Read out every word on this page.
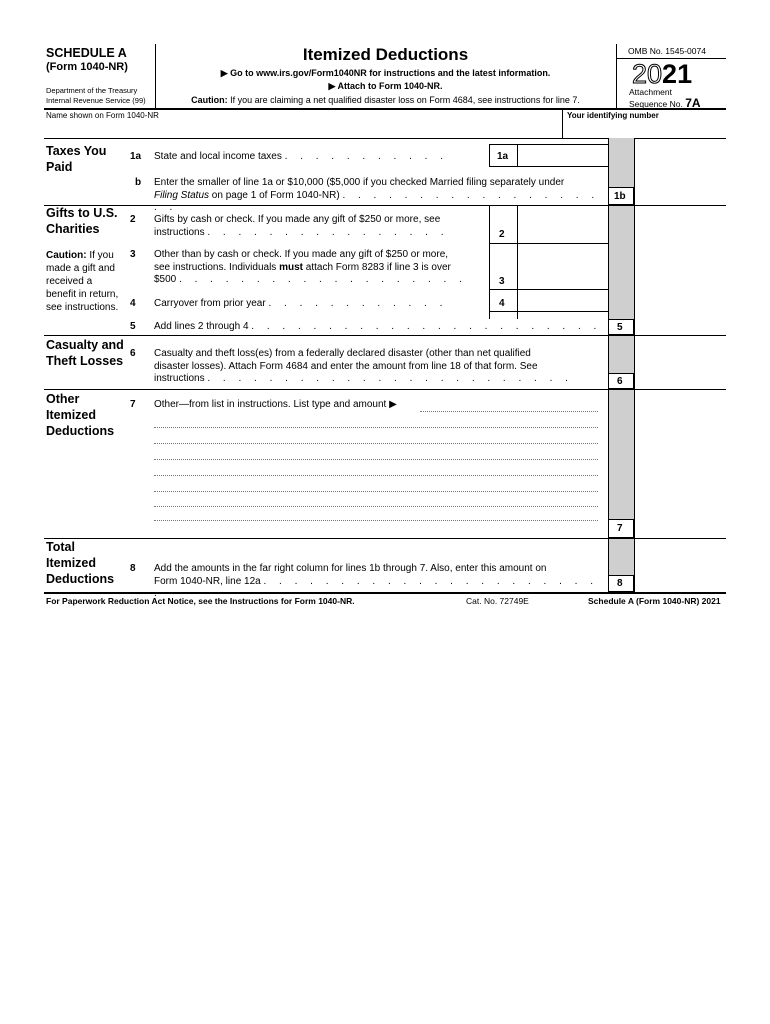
SCHEDULE A
(Form 1040-NR)
Department of the Treasury
Internal Revenue Service (99)
Itemized Deductions
▶ Go to www.irs.gov/Form1040NR for instructions and the latest information.
▶ Attach to Form 1040-NR.
Caution: If you are claiming a net qualified disaster loss on Form 4684, see instructions for line 7.
OMB No. 1545-0074
2021
Attachment
Sequence No. 7A
Name shown on Form 1040-NR	Your identifying number
Taxes You Paid
1a State and local income taxes . . . . . . . . . . .	1a
b Enter the smaller of line 1a or $10,000 ($5,000 if you checked Married filing separately under
Filing Status on page 1 of Form 1040-NR) . . . . . . . . . . . . . . . . . . .
1b
Gifts to U.S. Charities
Caution: If you made a gift and received a benefit in return, see instructions.
2 Gifts by cash or check. If you made any gift of $250 or more, see
instructions . . . . . . . . . . . . . . . .	2
3 Other than by cash or check. If you made any gift of $250 or more,
see instructions. Individuals must attach Form 8283 if line 3 is over
$500 . . . . . . . . . . . . . . . . . . .	3
4 Carryover from prior year . . . . . . . . . . . .	4
5 Add lines 2 through 4 . . . . . . . . . . . . . . . . . . . . . . . 5
Casualty and Theft Losses
6 Casualty and theft loss(es) from a federally declared disaster (other than net qualified
disaster losses). Attach Form 4684 and enter the amount from line 18 of that form. See
instructions . . . . . . . . . . . . . . . . . . . . . . . .	6
Other Itemized Deductions
7 Other—from list in instructions. List type and amount ▶
7
Total Itemized Deductions
8 Add the amounts in the far right column for lines 1b through 7. Also, enter this amount on
Form 1040-NR, line 12a . . . . . . . . . . . . . . . . . . . . . . .
8
For Paperwork Reduction Act Notice, see the Instructions for Form 1040-NR.	Cat. No. 72749E	Schedule A (Form 1040-NR) 2021
